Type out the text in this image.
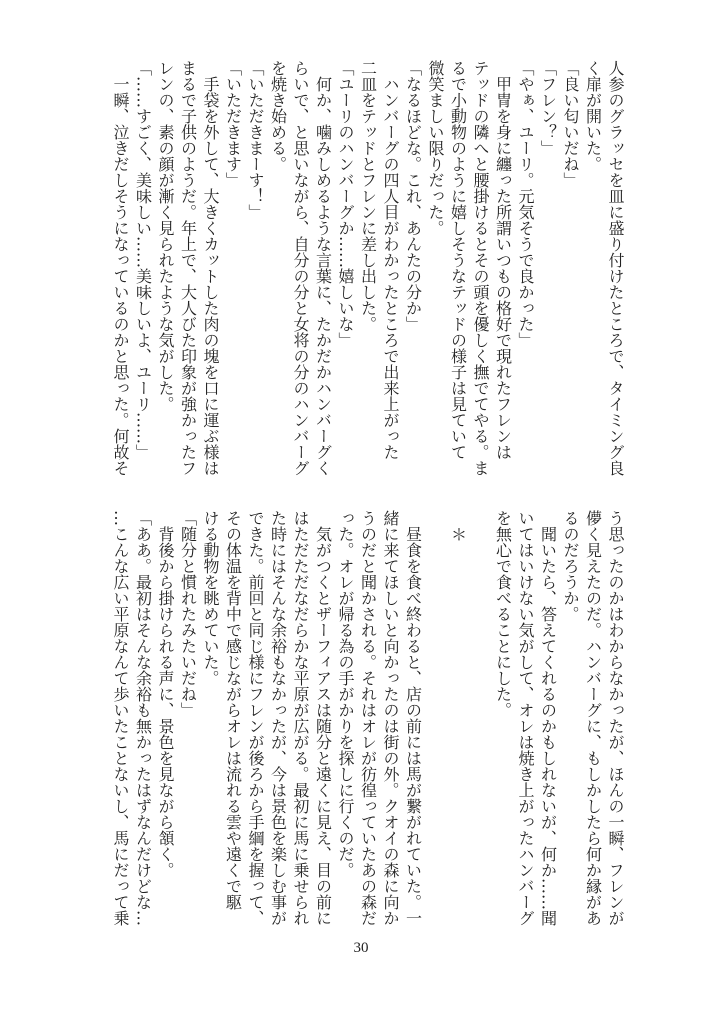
人参のグラッセを皿に盛り付けたところで、タイミング良
く扉が開いた。
「良い匂いだね」
「フレン？」
「やぁ、ユーリ。元気そうで良かった」
　甲冑を身に纏った所謂いつもの格好で現れたフレンは
テッドの隣へと腰掛けるとその頭を優しく撫でてやる。ま
るで小動物のように嬉しそうなテッドの様子は見ていて
微笑ましい限りだった。
「なるほどな。これ、あんたの分か」
　ハンバーグの四人目がわかったところで出来上がった
二皿をテッドとフレンに差し出した。
「ユーリのハンバーグか……嬉しいな」
　何か、噛みしめるような言葉に、たかだかハンバーグく
らいで、と思いながら、自分の分と女将の分のハンバーグ
を焼き始める。
「いただきまーす！」
「いただきます」
　手袋を外して、大きくカットした肉の塊を口に運ぶ様は
まるで子供のようだ。年上で、大人びた印象が強かったフ
レンの、素の顔が漸く見られたような気がした。
「……すごく、美味しい……美味しいよ、ユーリ……」
　一瞬、泣きだしそうになっているのかと思った。何故そ
う思ったのかはわからなかったが、ほんの一瞬、フレンが
儚く見えたのだ。ハンバーグに、もしかしたら何か縁があ
るのだろうか。
　聞いたら、答えてくれるのかもしれないが、何か……聞
いてはいけない気がして、オレは焼き上がったハンバーグ
を無心で食べることにした。

　＊

　昼食を食べ終わると、店の前には馬が繋がれていた。一
緒に来てほしいと向かったのは街の外。クオイの森に向か
うのだと聞かされる。それはオレが彷徨っていたあの森だ
った。オレが帰る為の手がかりを探しに行くのだ。
　気がつくとザーフィアスは随分と遠くに見え、目の前に
はただただなだらかな平原が広がる。最初に馬に乗せられ
た時にはそんな余裕もなかったが、今は景色を楽しむ事が
できた。前回と同じ様にフレンが後ろから手綱を握って、
その体温を背中で感じながらオレは流れる雲や遠くで駆
ける動物を眺めていた。
「随分と慣れたみたいだね」
　背後から掛けられる声に、景色を見ながら頷く。
「ああ。最初はそんな余裕も無かったはずなんだけどな…
…こんな広い平原なんて歩いたことないし、馬にだって乗
30
